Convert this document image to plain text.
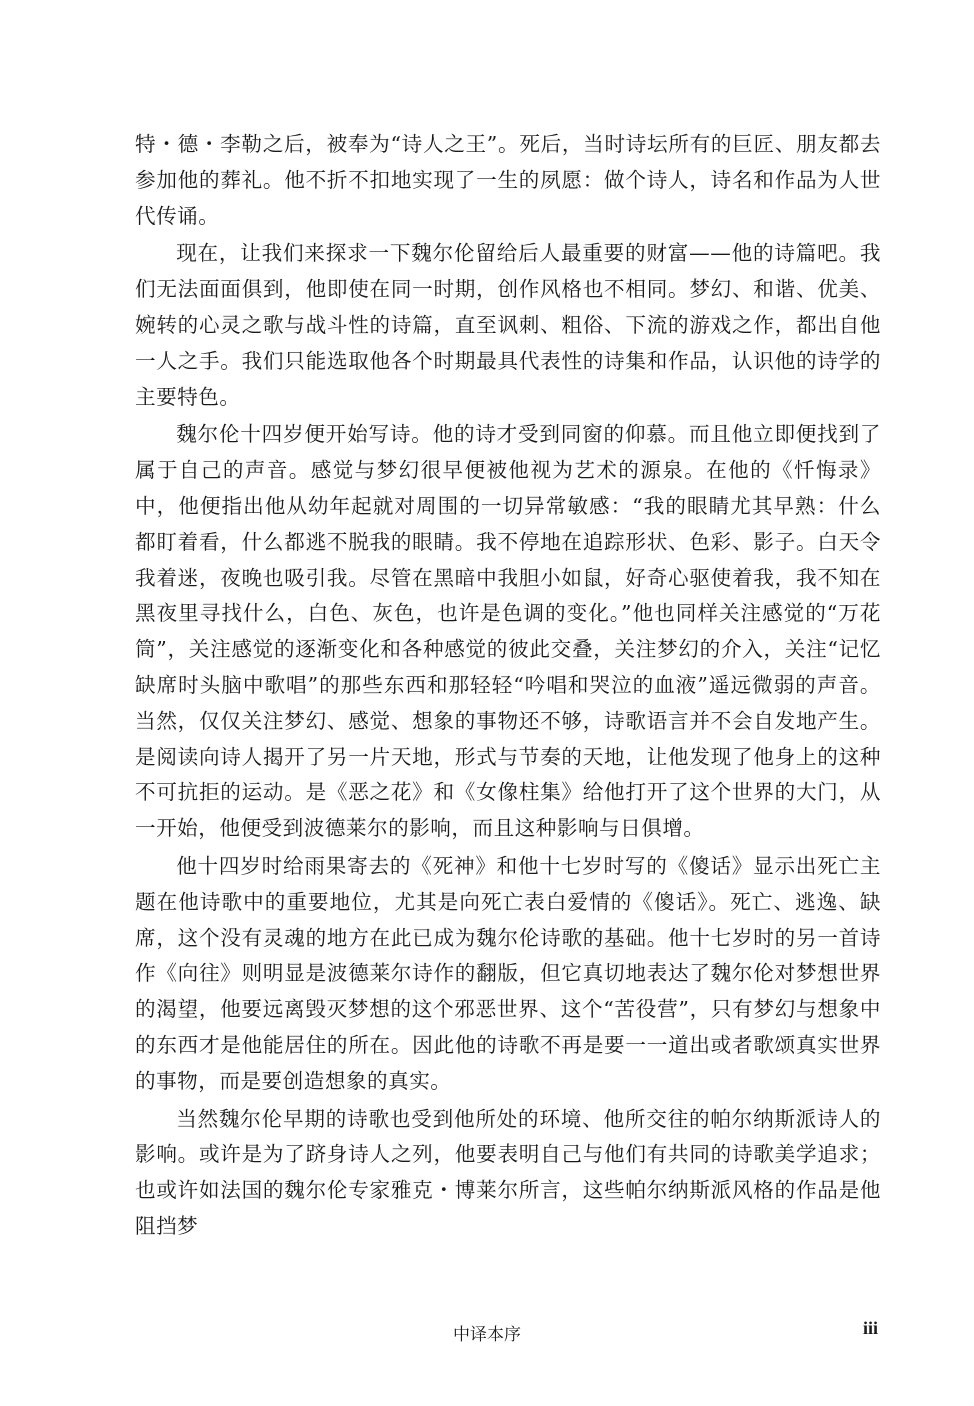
特・德・李勒之后，被奉为“诗人之王”。死后，当时诗坛所有的巨匠、朋友都去参加他的葬礼。他不折不扣地实现了一生的夙愿：做个诗人，诗名和作品为人世代传诵。

现在，让我们来探求一下魏尔伦留给后人最重要的财富——他的诗篇吧。我们无法面面俱到，他即使在同一时期，创作风格也不相同。梦幻、和谐、优美、婉转的心灵之歌与战斗性的诗篇，直至讽刺、粗俗、下流的游戏之作，都出自他一人之手。我们只能选取他各个时期最具代表性的诗集和作品，认识他的诗学的主要特色。

魏尔伦十四岁便开始写诗。他的诗才受到同窗的仰慕。而且他立即便找到了属于自己的声音。感觉与梦幻很早便被他视为艺术的源泉。在他的《忏悔录》中，他便指出他从幼年起就对周围的一切异常敏感：“我的眼睛尤其早熟：什么都盯着看，什么都逃不脱我的眼睛。我不停地在追踪形状、色彩、影子。白天令我着迷，夜晚也吸引我。尽管在黑暗中我胆小如鼠，好奇心驱使着我，我不知在黑夜里寻找什么，白色、灰色，也许是色调的变化。”他也同样关注感觉的“万花筒”，关注感觉的逐渐变化和各种感觉的彼此交叠，关注梦幻的介入，关注“记忆缺席时头脑中歌唱”的那些东西和那轻轻“吟唱和哭泣的血液”遥远微弱的声音。当然，仅仅关注梦幻、感觉、想象的事物还不够，诗歌语言并不会自发地产生。是阅读向诗人揭开了另一片天地，形式与节奏的天地，让他发现了他身上的这种不可抗拒的运动。是《恶之花》和《女像柱集》给他打开了这个世界的大门，从一开始，他便受到波德莱尔的影响，而且这种影响与日俱增。

他十四岁时给雨果寄去的《死神》和他十七岁时写的《傻话》显示出死亡主题在他诗歌中的重要地位，尤其是向死亡表白爱情的《傻话》。死亡、逃逸、缺席，这个没有灵魂的地方在此已成为魏尔伦诗歌的基础。他十七岁时的另一首诗作《向往》则明显是波德莱尔诗作的翻版，但它真切地表达了魏尔伦对梦想世界的渴望，他要远离毁灭梦想的这个邪恶世界、这个“苦役营”，只有梦幻与想象中的东西才是他能居住的所在。因此他的诗歌不再是要一一道出或者歌颂真实世界的事物，而是要创造想象的真实。

当然魏尔伦早期的诗歌也受到他所处的环境、他所交往的帕尔纳斯派诗人的影响。或许是为了跻身诗人之列，他要表明自己与他们有共同的诗歌美学追求；也或许如法国的魏尔伦专家雅克・博莱尔所言，这些帕尔纳斯派风格的作品是他阻挡梦

中译本序	iii
